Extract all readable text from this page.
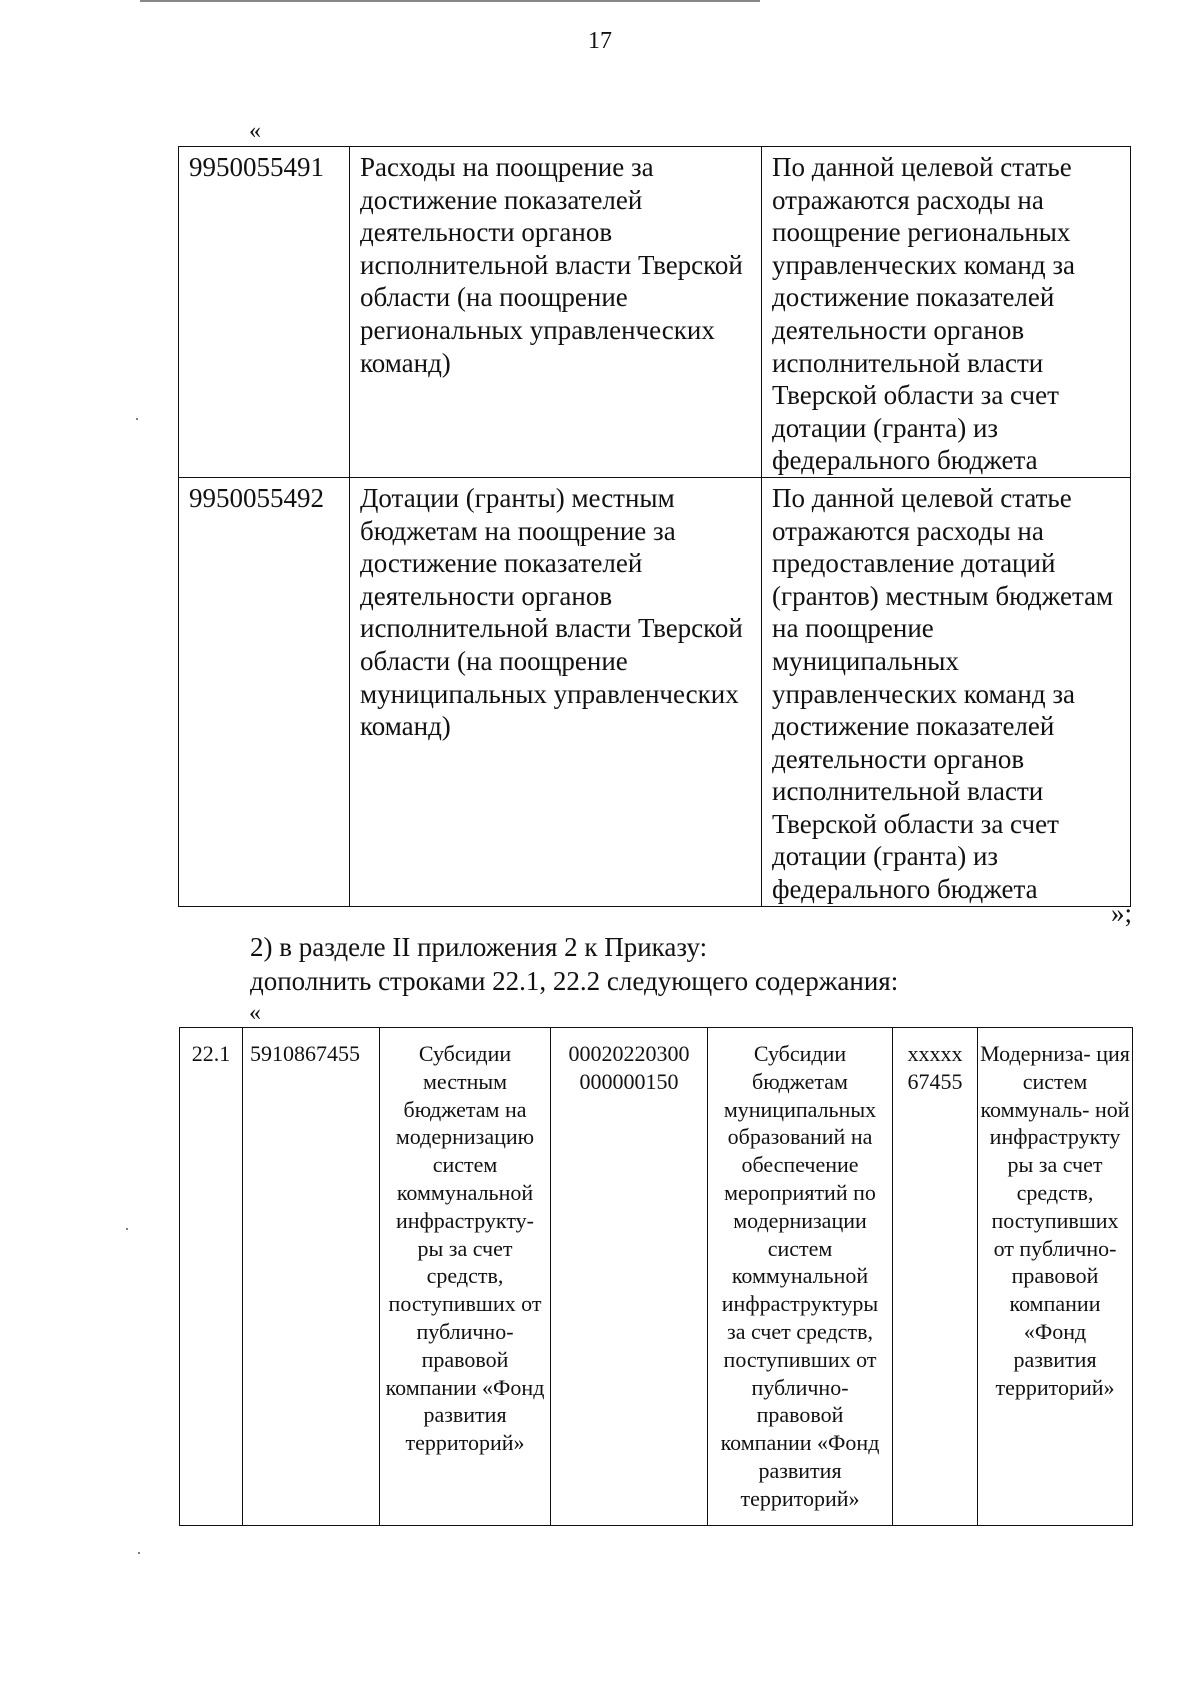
17
«
9950055491	Расходы на поощрение за достижение показателей деятельности органов исполнительной власти Тверской области (на поощрение региональных управленческих команд)	По данной целевой статье отражаются расходы на поощрение региональных управленческих команд за достижение показателей деятельности органов исполнительной власти Тверской области за счет дотации (гранта) из федерального бюджета
9950055492	Дотации (гранты) местным бюджетам на поощрение за достижение показателей деятельности органов исполнительной власти Тверской области (на поощрение муниципальных управленческих команд)	По данной целевой статье отражаются расходы на предоставление дотаций (грантов) местным бюджетам на поощрение муниципальных управленческих команд за достижение показателей деятельности органов исполнительной власти Тверской области за счет дотации (гранта) из федерального бюджета
»;
2) в разделе II приложения 2 к Приказу:
дополнить строками 22.1, 22.2 следующего содержания:
«
22.1	5910867455	Субсидии местным бюджетам на модернизацию систем коммунальной инфраструкту- ры за счет средств, поступивших от публично- правовой компании «Фонд развития территорий»	00020220300 000000150	Субсидии бюджетам муниципальных образований на обеспечение мероприятий по модернизации систем коммунальной инфраструктуры за счет средств, поступивших от публично- правовой компании «Фонд развития территорий»	xxxxx 67455	Модерниза- ция систем коммуналь- ной инфраструкту ры за счет средств, поступивших от публично- правовой компании «Фонд развития территорий»
